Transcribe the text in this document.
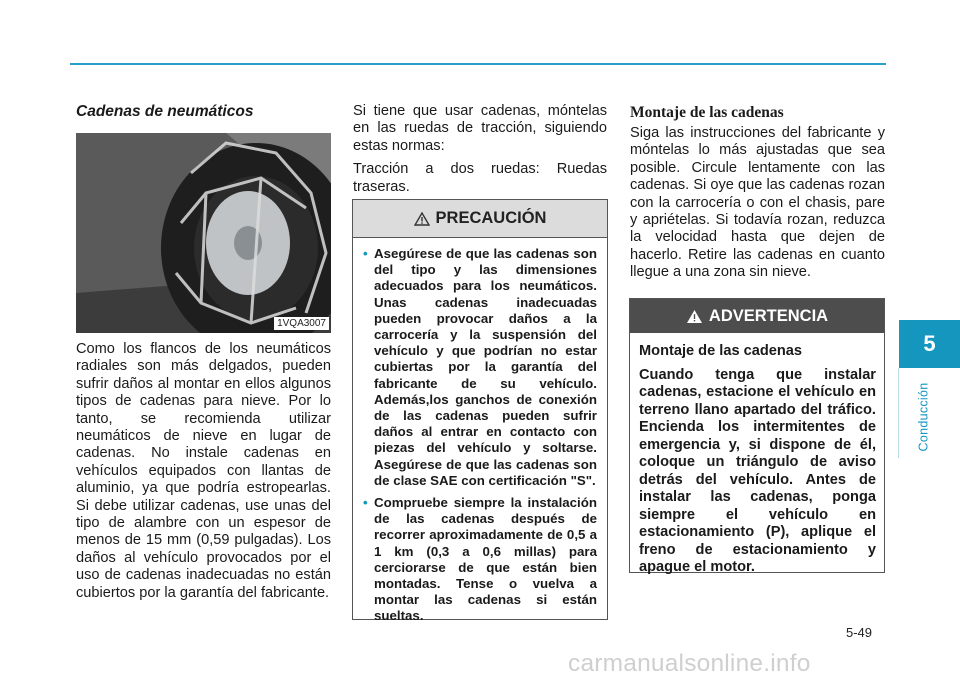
5
Conducción
Cadenas de neumáticos
1VQA3007

Como los flancos de los neumáticos radiales son más delgados, pueden sufrir daños al montar en ellos algunos tipos de cadenas para nieve. Por lo tanto, se recomienda utilizar neumáticos de nieve en lugar de cadenas. No instale cadenas en vehículos equipados con llantas de aluminio, ya que podría estropearlas. Si debe utilizar cadenas, use unas del tipo de alambre con un espesor de menos de 15 mm (0,59 pulgadas). Los daños al vehículo provocados por el uso de cadenas inadecuadas no están cubiertos por la garantía del fabricante.

Si tiene que usar cadenas, móntelas en las ruedas de tracción, siguiendo estas normas:

Tracción a dos ruedas: Ruedas traseras.

PRECAUCIÓN
• Asegúrese de que las cadenas son del tipo y las dimensiones adecuados para los neumáticos. Unas cadenas inadecuadas pueden provocar daños a la carrocería y la suspensión del vehículo y que podrían no estar cubiertas por la garantía del fabricante de su vehículo. Además,los ganchos de conexión de las cadenas pueden sufrir daños al entrar en contacto con piezas del vehículo y soltarse. Asegúrese de que las cadenas son de clase SAE con certificación "S".
• Compruebe siempre la instalación de las cadenas después de recorrer aproximadamente de 0,5 a 1 km (0,3 a 0,6 millas) para cerciorarse de que están bien montadas. Tense o vuelva a montar las cadenas si están sueltas.
Montaje de las cadenas

Siga las instrucciones del fabricante y móntelas lo más ajustadas que sea posible. Circule lentamente con las cadenas. Si oye que las cadenas rozan con la carrocería o con el chasis, pare y apriételas. Si todavía rozan, reduzca la velocidad hasta que dejen de hacerlo. Retire las cadenas en cuanto llegue a una zona sin nieve.

ADVERTENCIA

Montaje de las cadenas

Cuando tenga que instalar cadenas, estacione el vehículo en terreno llano apartado del tráfico. Encienda los intermitentes de emergencia y, si dispone de él, coloque un triángulo de aviso detrás del vehículo. Antes de instalar las cadenas, ponga siempre el vehículo en estacionamiento (P), aplique el freno de estacionamiento y apague el motor.

5-49
carmanualsonline.info
